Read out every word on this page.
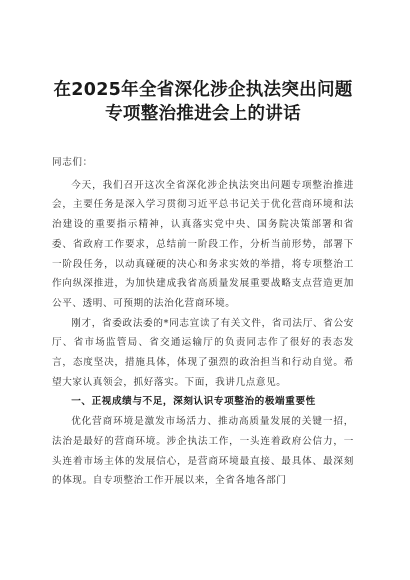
在2025年全省深化涉企执法突出问题
专项整治推进会上的讲话

同志们：

今天，我们召开这次全省深化涉企执法突出问题专项整治推进会，主要任务是深入学习贯彻习近平总书记关于优化营商环境和法治建设的重要指示精神，认真落实党中央、国务院决策部署和省委、省政府工作要求，总结前一阶段工作，分析当前形势，部署下一阶段任务，以动真碰硬的决心和务求实效的举措，将专项整治工作向纵深推进，为加快建成我省高质量发展重要战略支点营造更加公平、透明、可预期的法治化营商环境。

刚才，省委政法委的*同志宣读了有关文件，省司法厅、省公安厅、省市场监管局、省交通运输厅的负责同志作了很好的表态发言，态度坚决，措施具体，体现了强烈的政治担当和行动自觉。希望大家认真领会，抓好落实。下面，我讲几点意见。

一、正视成绩与不足，深刻认识专项整治的极端重要性

优化营商环境是激发市场活力、推动高质量发展的关键一招，法治是最好的营商环境。涉企执法工作，一头连着政府公信力，一头连着市场主体的发展信心，是营商环境最直接、最具体、最深刻的体现。自专项整治工作开展以来，全省各地各部门
